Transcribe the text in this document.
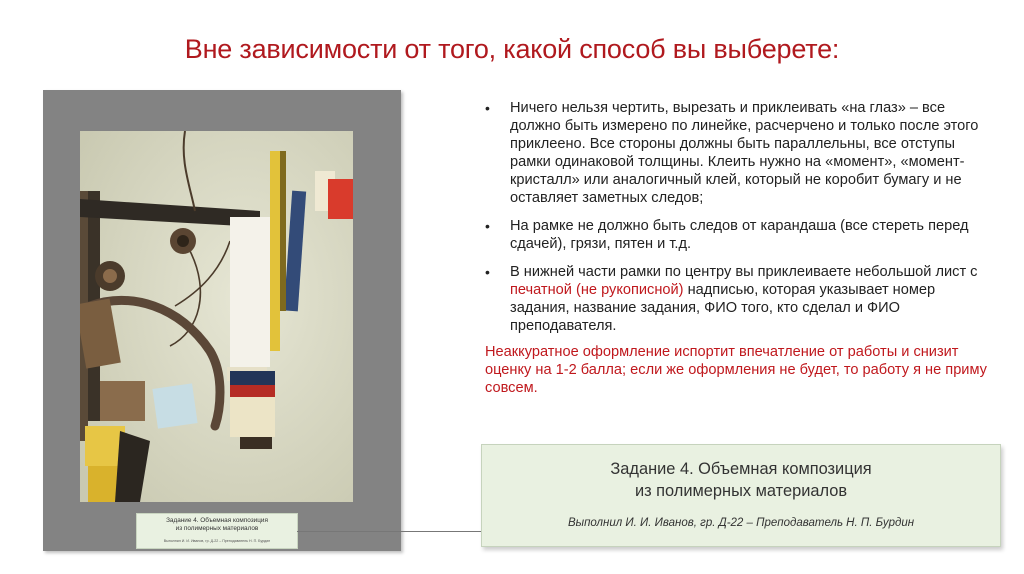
Вне зависимости от того, какой способ вы выберете:
Задание 4. Объемная композиция
из полимерных материалов
Выполнил И. И. Иванов, гр. Д-22 – Преподаватель Н. П. Бурдин
•	Ничего нельзя чертить, вырезать и приклеивать «на глаз» – все должно быть измерено по линейке, расчерчено и только после этого приклеено. Все стороны должны быть параллельны, все отступы рамки одинаковой толщины. Клеить нужно на «момент», «момент-кристалл» или аналогичный клей, который не коробит бумагу и не оставляет заметных следов;
•	На рамке не должно быть следов от карандаша (все стереть перед сдачей), грязи, пятен и т.д.
•	В нижней части рамки по центру вы приклеиваете небольшой лист с печатной (не рукописной) надписью, которая указывает номер задания, название задания, ФИО того, кто сделал и ФИО преподавателя.
Неаккуратное оформление испортит впечатление от работы и снизит оценку на 1-2 балла; если же оформления не будет, то работу я не приму совсем.
Задание 4. Объемная композиция
из полимерных материалов
Выполнил И. И. Иванов, гр. Д-22 – Преподаватель Н. П. Бурдин
